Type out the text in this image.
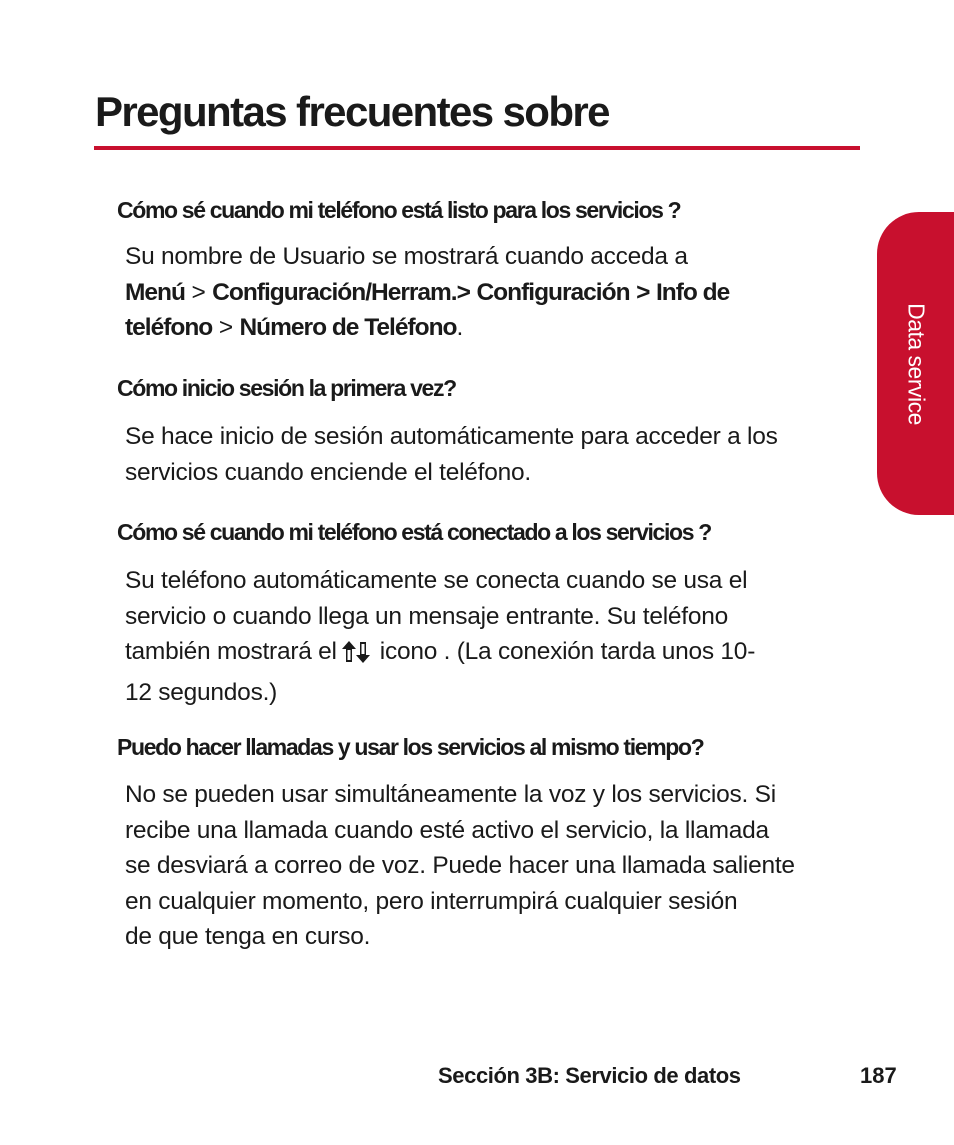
Preguntas frecuentes sobre
Data service
Cómo sé cuando mi teléfono está listo para los servicios ?
Su nombre de Usuario se mostrará cuando acceda a
Menú > Configuración/Herram.> Configuración > Info de
teléfono > Número de Teléfono.
Cómo inicio sesión la primera vez?
Se hace inicio de sesión automáticamente para acceder a los
servicios cuando enciende el teléfono.
Cómo sé cuando mi teléfono está conectado a los servicios ?
Su teléfono automáticamente se conecta cuando se usa el
servicio o cuando llega un mensaje entrante. Su teléfono
también mostrará el icono . (La conexión tarda unos 10-
12 segundos.)
Puedo hacer llamadas y usar los servicios al mismo tiempo?
No se pueden usar simultáneamente la voz y los servicios. Si
recibe una llamada cuando esté activo el servicio, la llamada
se desviará a correo de voz. Puede hacer una llamada saliente
en cualquier momento, pero interrumpirá cualquier sesión
de que tenga en curso.
Sección 3B: Servicio de datos	187
